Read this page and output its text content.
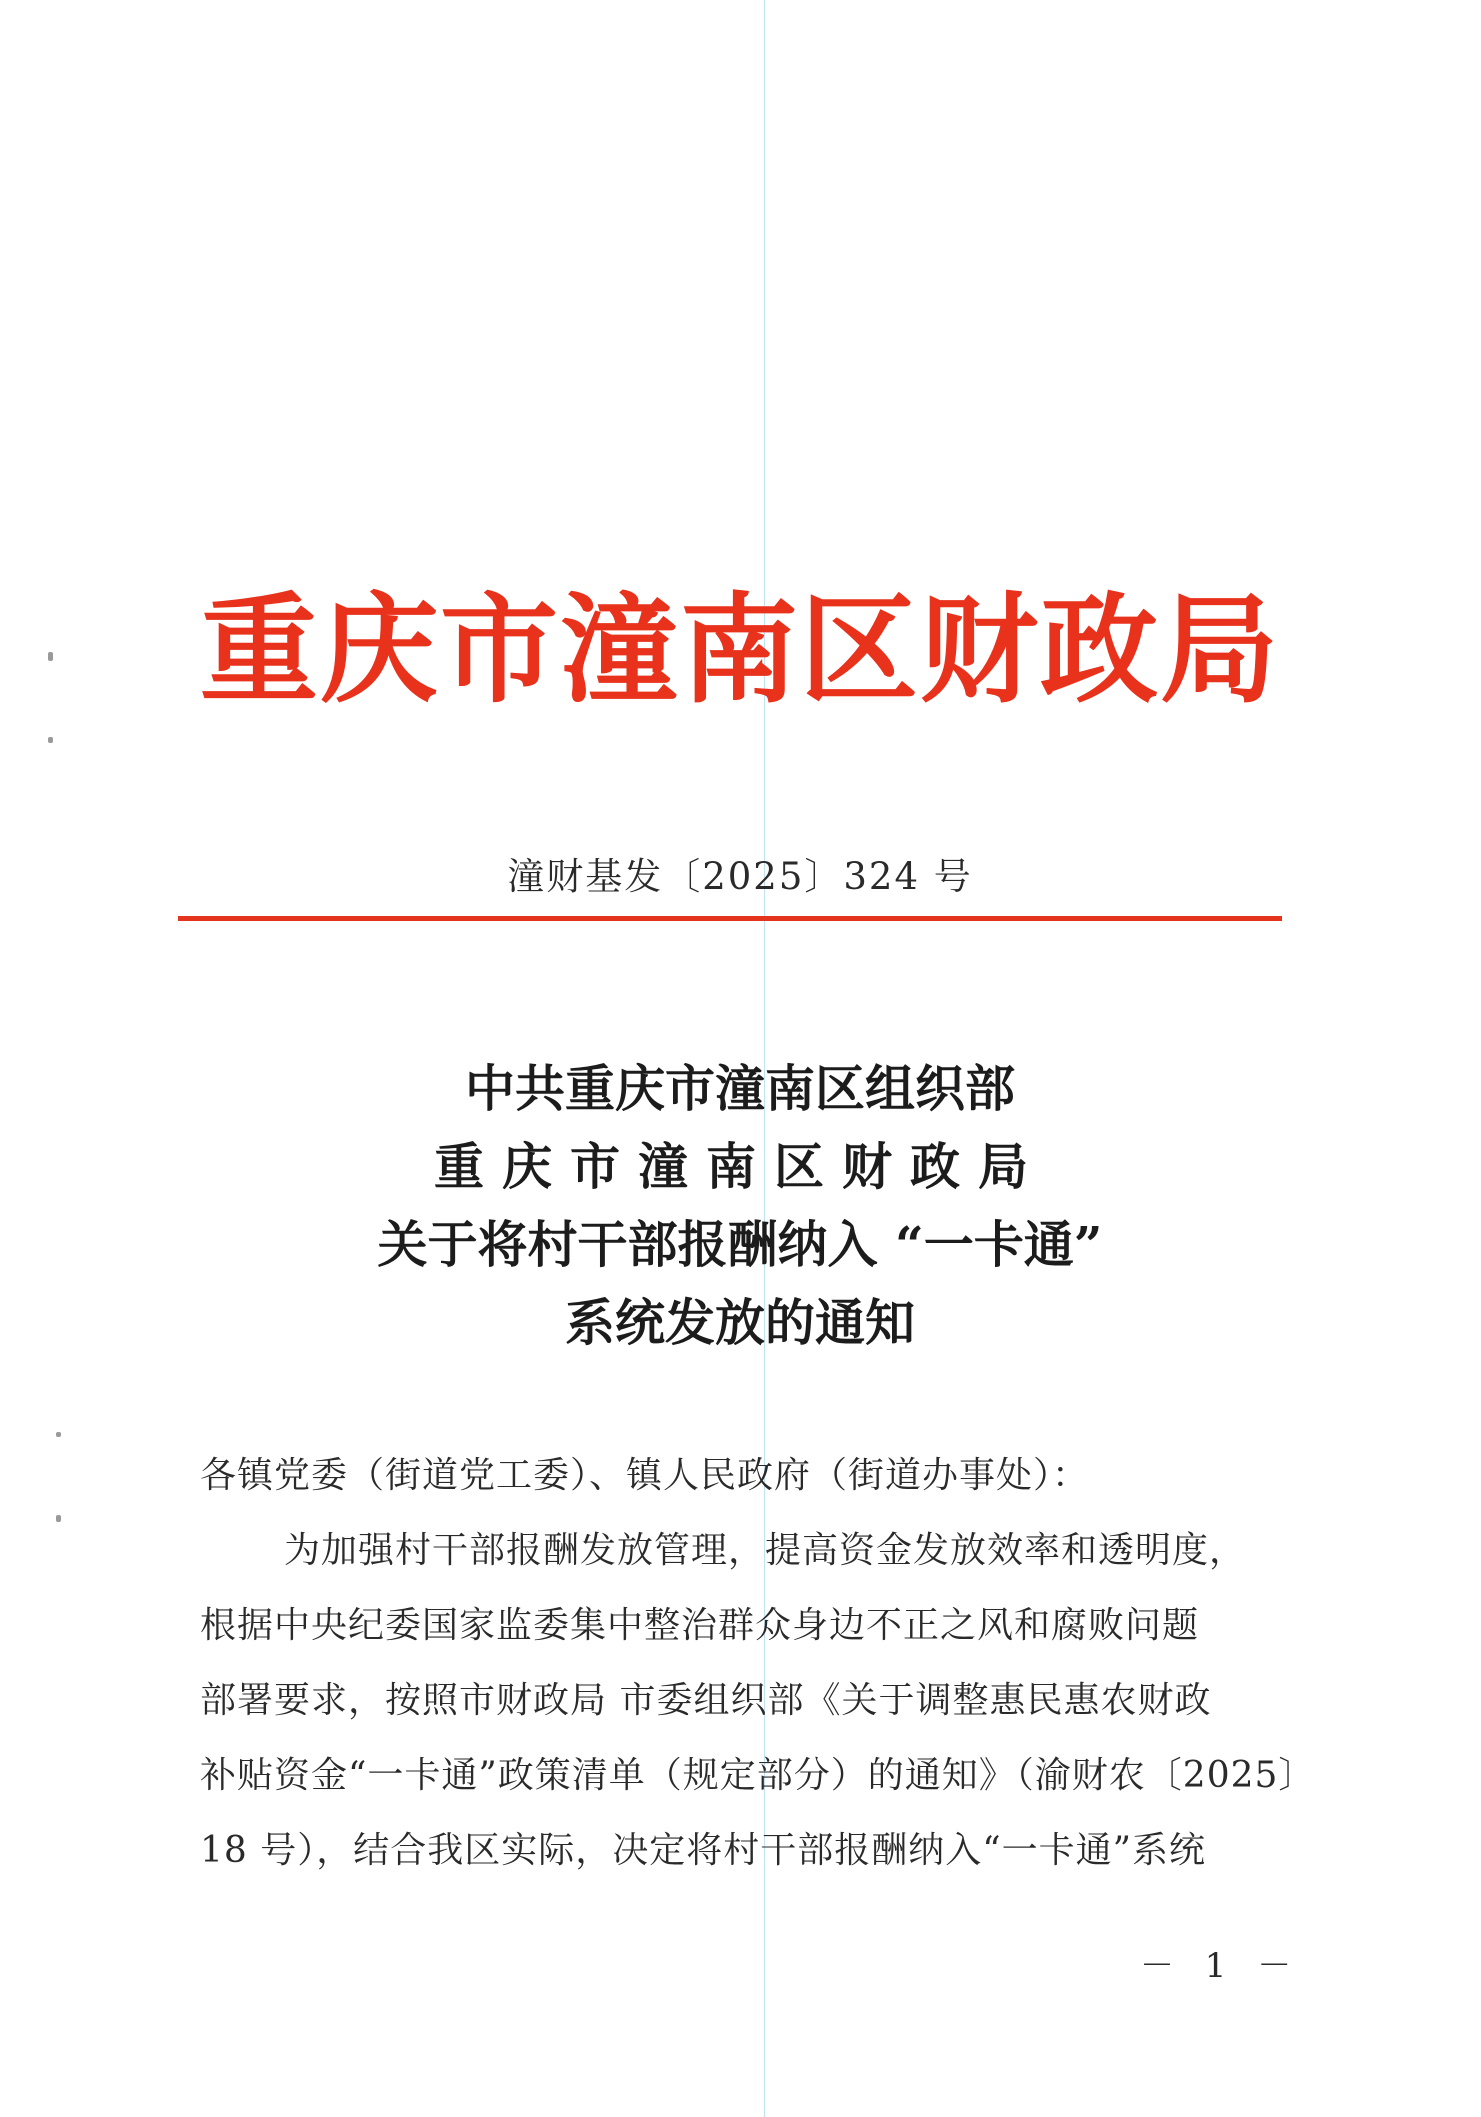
重庆市潼南区财政局
潼财基发〔2025〕324 号
中共重庆市潼南区组织部
重庆市潼南区财政局
关于将村干部报酬纳入 “一卡通”
系统发放的通知
各镇党委（街道党工委）、镇人民政府（街道办事处）：
为加强村干部报酬发放管理，提高资金发放效率和透明度，
根据中央纪委国家监委集中整治群众身边不正之风和腐败问题
部署要求，按照市财政局 市委组织部《关于调整惠民惠农财政
补贴资金“一卡通”政策清单（规定部分）的通知》（渝财农〔2025〕
18 号），结合我区实际，决定将村干部报酬纳入“一卡通”系统
－ 1 －
